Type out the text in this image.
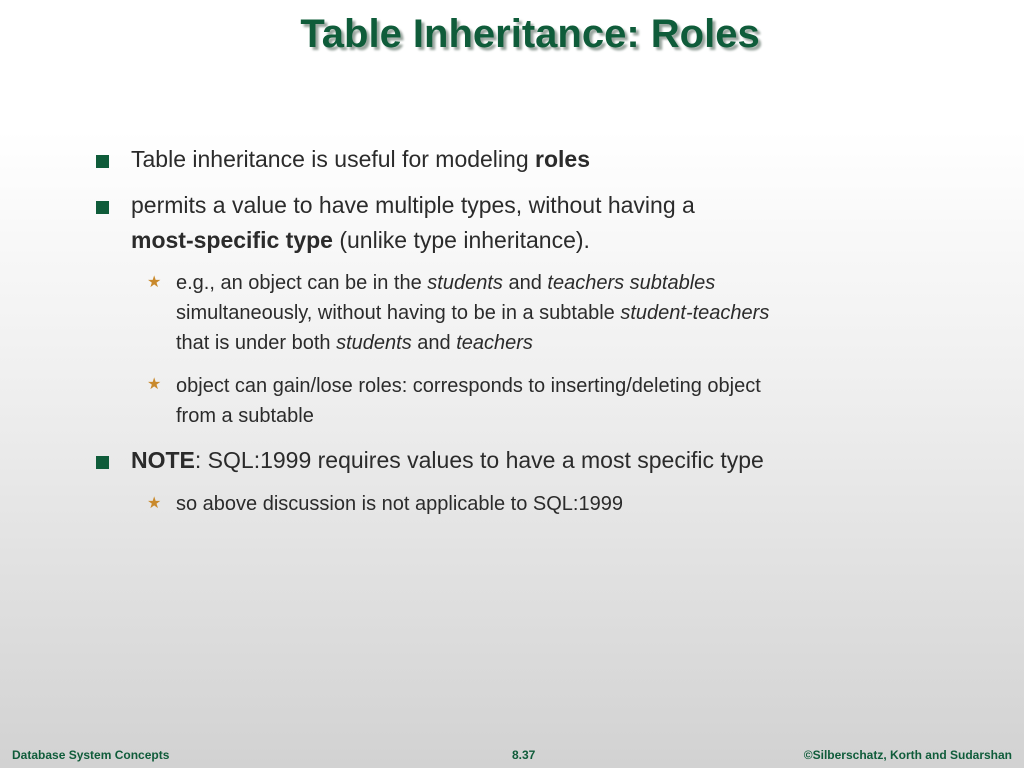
Table Inheritance: Roles
Table inheritance is useful for modeling roles
permits a value to have multiple types, without having a
most-specific type (unlike type inheritance).
★ e.g., an object can be in the students and teachers subtables
simultaneously, without having to be in a subtable student-teachers
that is under both students and teachers
★ object can gain/lose roles: corresponds to inserting/deleting object
from a subtable
NOTE: SQL:1999 requires values to have a most specific type
★ so above discussion is not applicable to SQL:1999
Database System Concepts	8.37	©Silberschatz, Korth and Sudarshan
